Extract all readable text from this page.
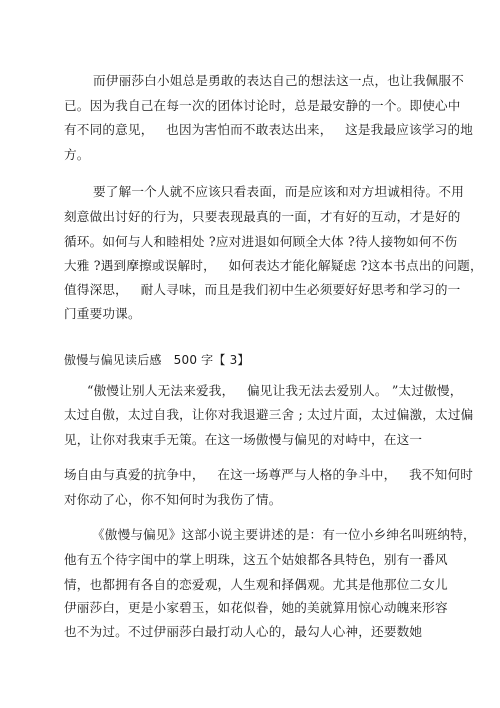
而伊丽莎白小姐总是勇敢的表达自己的想法这一点，也让我佩服不
已。因为我自己在每一次的团体讨论时，总是最安静的一个。即使心中
有不同的意见，   也因为害怕而不敢表达出来，   这是我最应该学习的地
方。
要了解一个人就不应该只看表面，而是应该和对方坦诚相待。不用
刻意做出讨好的行为，只要表现最真的一面，才有好的互动，才是好的
循环。如何与人和睦相处 ?应对进退如何顾全大体 ?待人接物如何不伤
大雅 ?遇到摩擦或误解时，   如何表达才能化解疑虑 ?这本书点出的问题，
值得深思，   耐人寻味，而且是我们初中生必须要好好思考和学习的一
门重要功课。
傲慢与偏见读后感   500 字【 3】
“傲慢让别人无法来爱我，   偏见让我无法去爱别人。 ”太过傲慢，
太过自傲，太过自我，让你对我退避三舍 ; 太过片面，太过偏激，太过偏
见，让你对我束手无策。在这一场傲慢与偏见的对峙中，在这一
场自由与真爱的抗争中，   在这一场尊严与人格的争斗中，   我不知何时
对你动了心，你不知何时为我伤了情。
《傲慢与偏见》这部小说主要讲述的是：有一位小乡绅名叫班纳特，
他有五个待字闺中的掌上明珠，这五个姑娘都各具特色，别有一番风
情，也都拥有各自的恋爱观，人生观和择偶观。尤其是他那位二女儿
伊丽莎白，更是小家碧玉，如花似眷，她的美就算用惊心动魄来形容
也不为过。不过伊丽莎白最打动人心的，最勾人心神，还要数她
